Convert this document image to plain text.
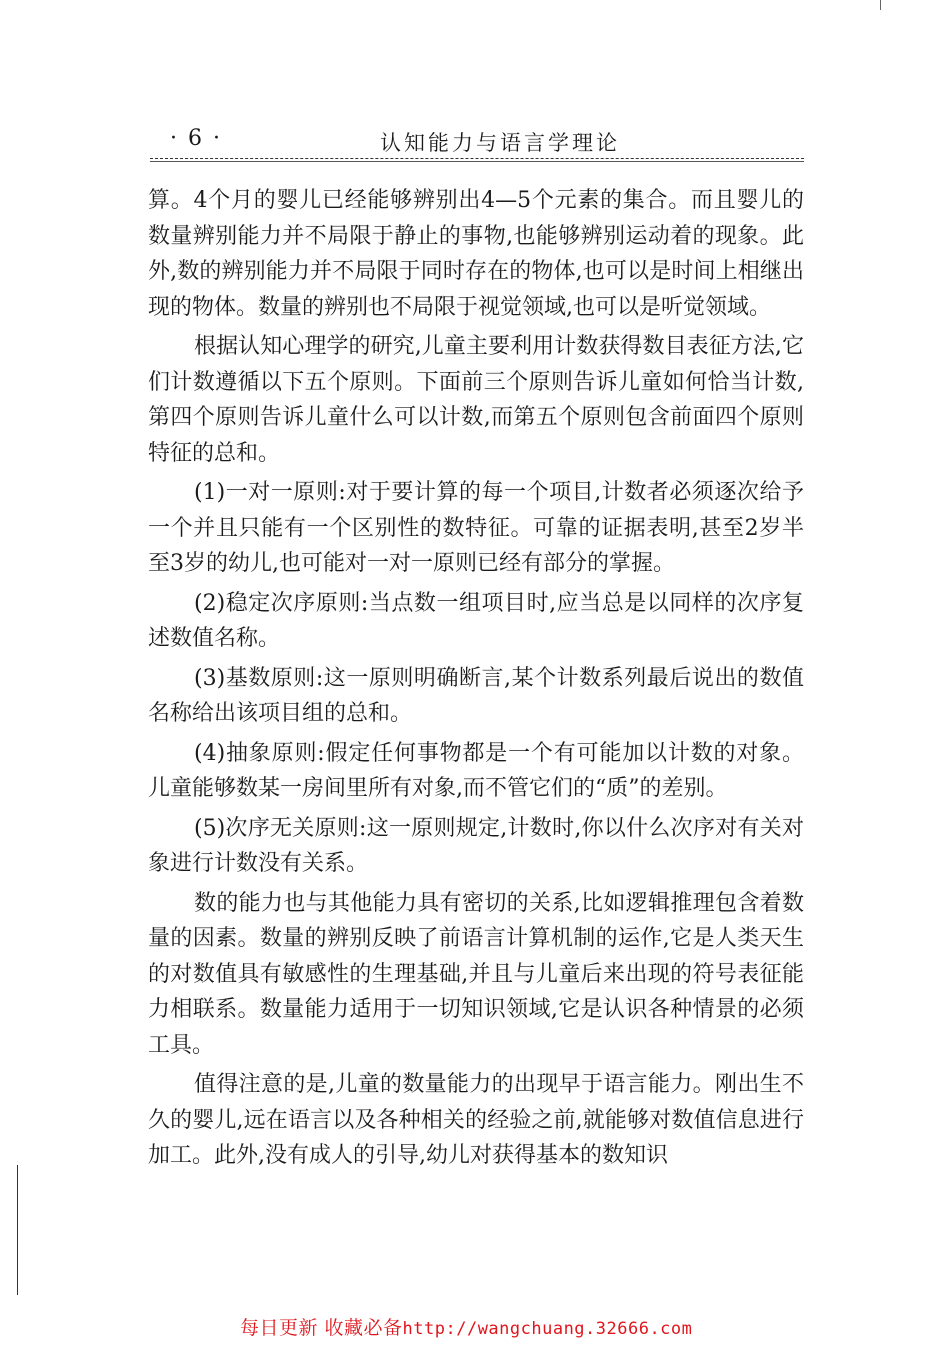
· 6 ·	认知能力与语言学理论

算。4个月的婴儿已经能够辨别出4—5个元素的集合。而且婴儿的数量辨别能力并不局限于静止的事物,也能够辨别运动着的现象。此外,数的辨别能力并不局限于同时存在的物体,也可以是时间上相继出现的物体。数量的辨别也不局限于视觉领域,也可以是听觉领域。

根据认知心理学的研究,儿童主要利用计数获得数目表征方法,它们计数遵循以下五个原则。下面前三个原则告诉儿童如何恰当计数,第四个原则告诉儿童什么可以计数,而第五个原则包含前面四个原则特征的总和。

(1)一对一原则:对于要计算的每一个项目,计数者必须逐次给予一个并且只能有一个区别性的数特征。可靠的证据表明,甚至2岁半至3岁的幼儿,也可能对一对一原则已经有部分的掌握。

(2)稳定次序原则:当点数一组项目时,应当总是以同样的次序复述数值名称。

(3)基数原则:这一原则明确断言,某个计数系列最后说出的数值名称给出该项目组的总和。

(4)抽象原则:假定任何事物都是一个有可能加以计数的对象。儿童能够数某一房间里所有对象,而不管它们的“质”的差别。

(5)次序无关原则:这一原则规定,计数时,你以什么次序对有关对象进行计数没有关系。

数的能力也与其他能力具有密切的关系,比如逻辑推理包含着数量的因素。数量的辨别反映了前语言计算机制的运作,它是人类天生的对数值具有敏感性的生理基础,并且与儿童后来出现的符号表征能力相联系。数量能力适用于一切知识领域,它是认识各种情景的必须工具。

值得注意的是,儿童的数量能力的出现早于语言能力。刚出生不久的婴儿,远在语言以及各种相关的经验之前,就能够对数值信息进行加工。此外,没有成人的引导,幼儿对获得基本的数知识

每日更新 收藏必备http://wangchuang.32666.com
